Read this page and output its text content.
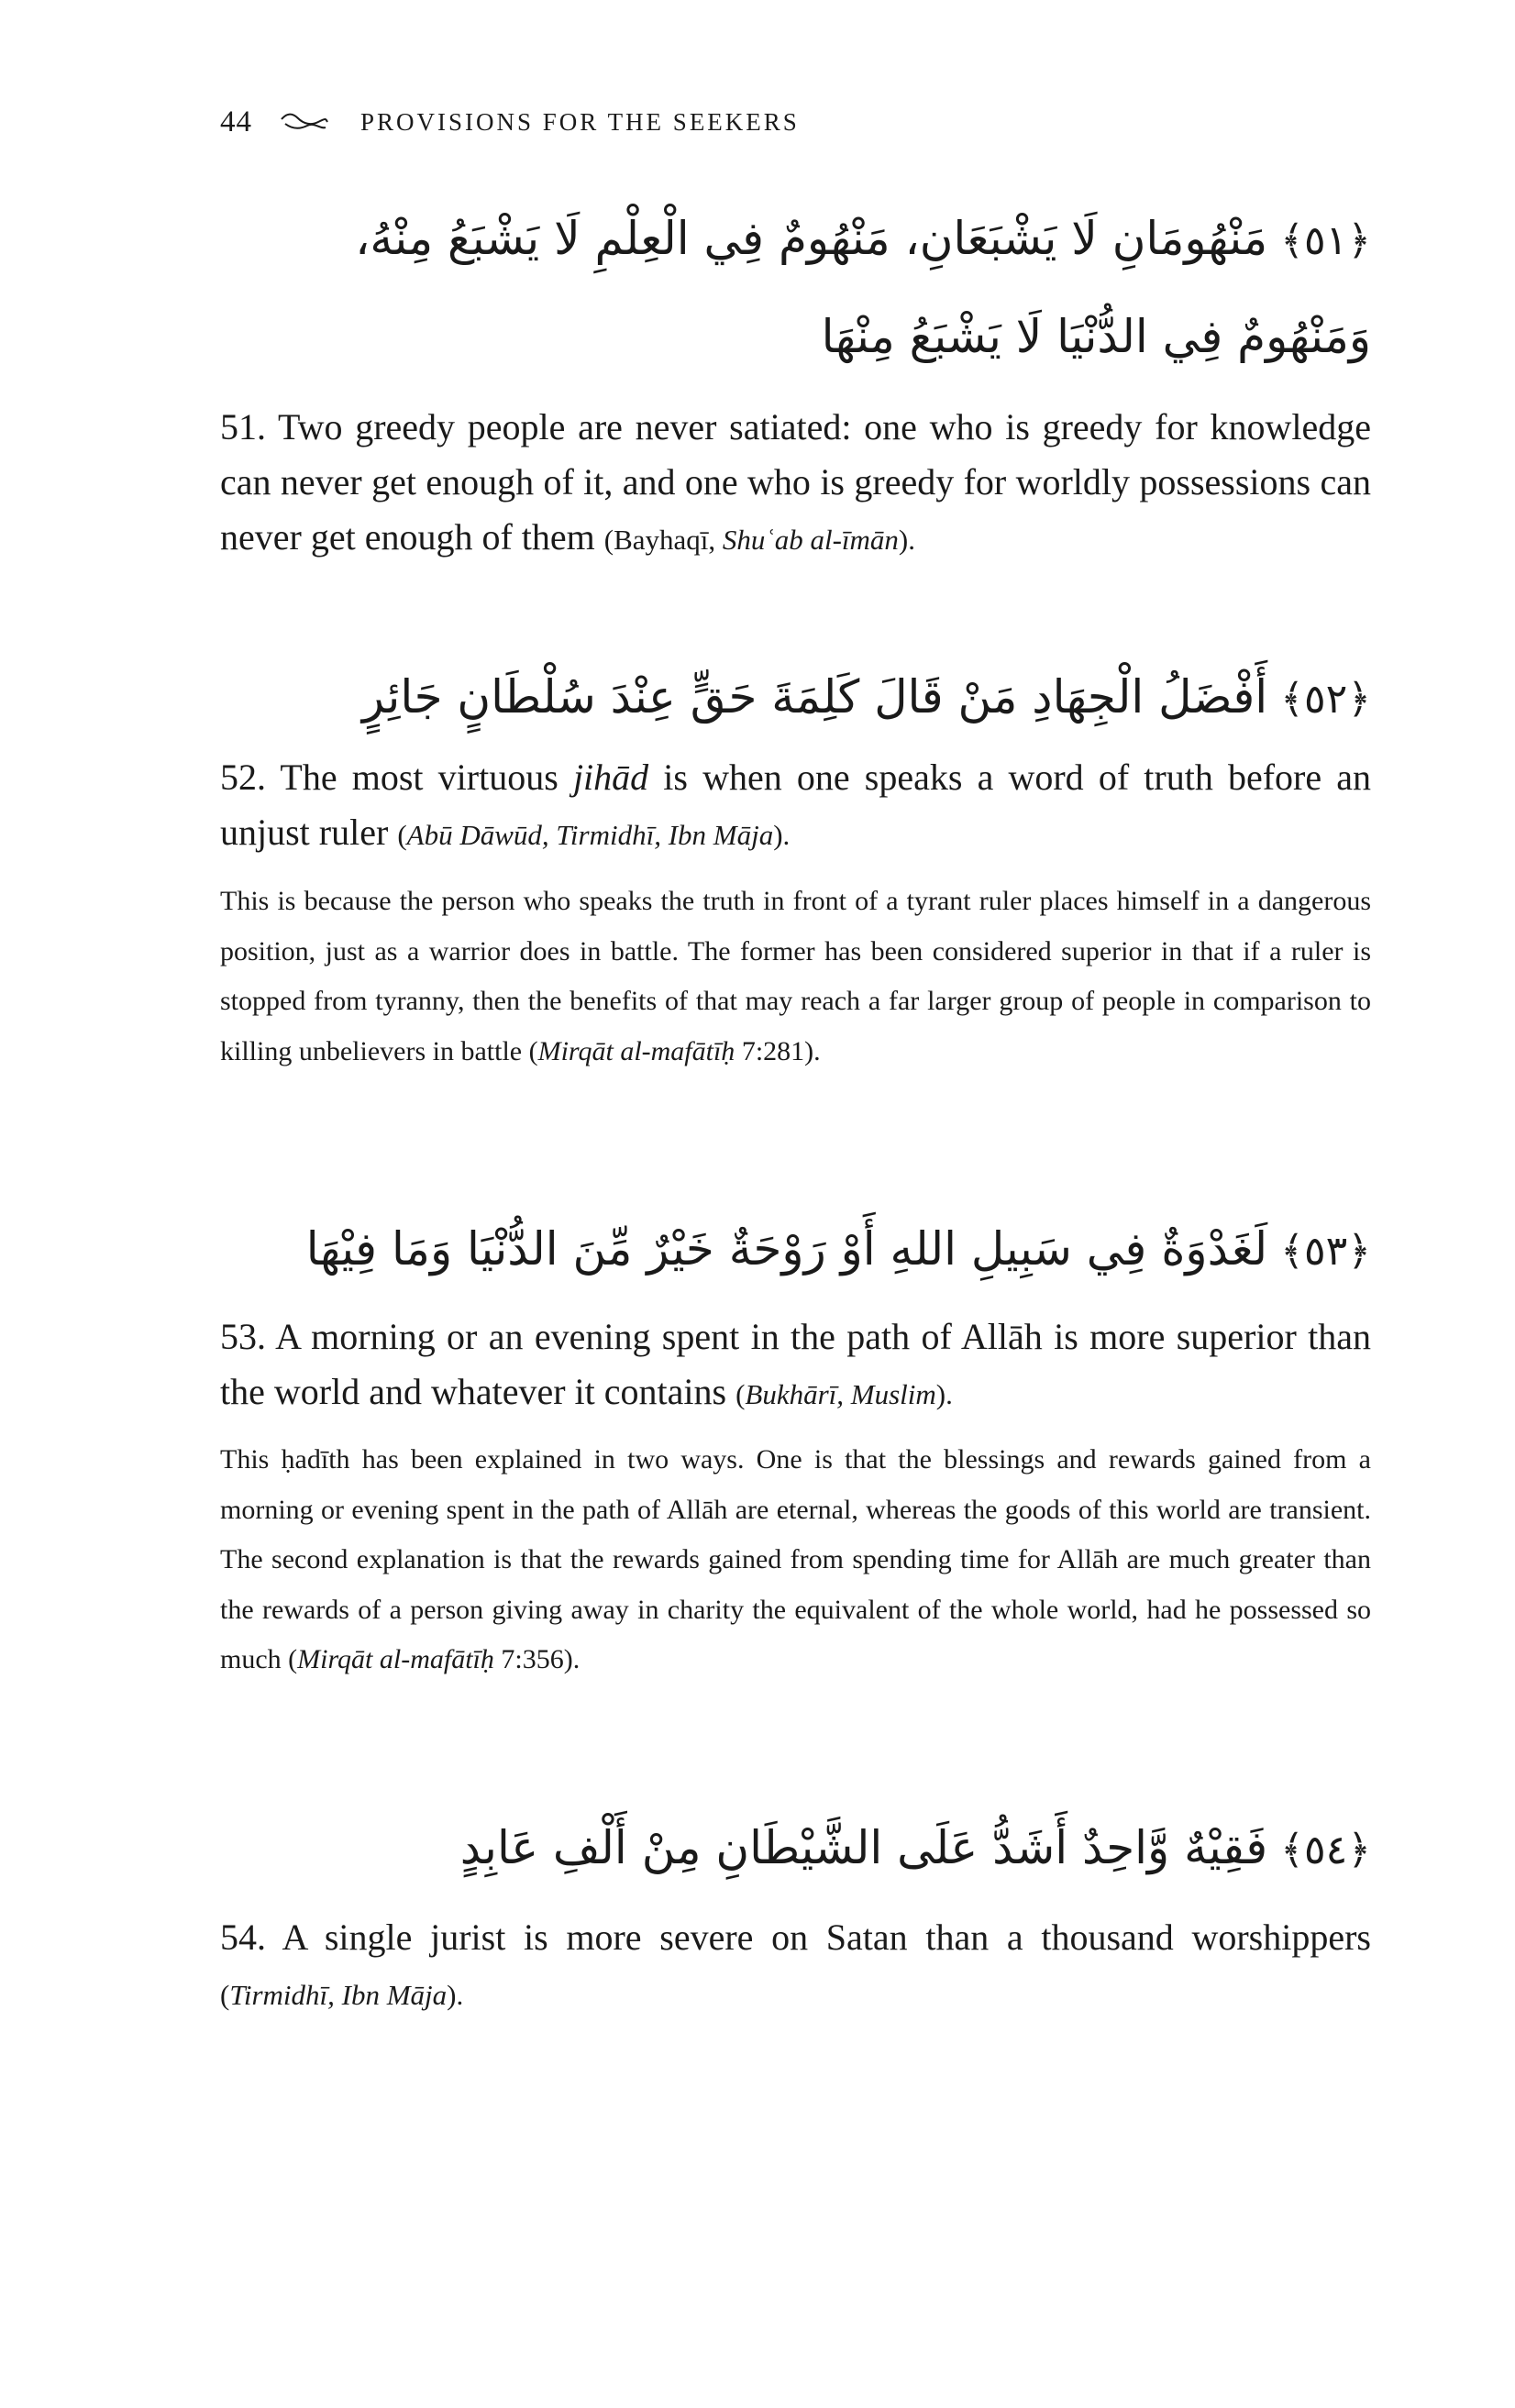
44	PROVISIONS FOR THE SEEKERS
﴿٥١﴾مَنْهُومَانِ لَا يَشْبَعَانِ، مَنْهُومٌ فِي الْعِلْمِ لَا يَشْبَعُ مِنْهُ، وَمَنْهُومٌ فِي الدُّنْيَا لَا يَشْبَعُ مِنْهَا
51. Two greedy people are never satiated: one who is greedy for knowledge can never get enough of it, and one who is greedy for worldly possessions can never get enough of them (Bayhaqī, Shuʿab al-īmān).
﴿٥٢﴾أَفْضَلُ الْجِهَادِ مَنْ قَالَ كَلِمَةَ حَقٍّ عِنْدَ سُلْطَانٍ جَائِرٍ
52. The most virtuous jihād is when one speaks a word of truth before an unjust ruler (Abū Dāwūd, Tirmidhī, Ibn Māja).
This is because the person who speaks the truth in front of a tyrant ruler places himself in a dangerous position, just as a warrior does in battle. The former has been considered superior in that if a ruler is stopped from tyranny, then the benefits of that may reach a far larger group of people in comparison to killing unbelievers in battle (Mirqāt al-mafātīḥ 7:281).
﴿٥٣﴾لَغَدْوَةٌ فِي سَبِيلِ اللهِ أَوْ رَوْحَةٌ خَيْرٌ مِّنَ الدُّنْيَا وَمَا فِيْهَا
53. A morning or an evening spent in the path of Allāh is more superior than the world and whatever it contains (Bukhārī, Muslim).
This ḥadīth has been explained in two ways. One is that the blessings and rewards gained from a morning or evening spent in the path of Allāh are eternal, whereas the goods of this world are transient. The second explanation is that the rewards gained from spending time for Allāh are much greater than the rewards of a person giving away in charity the equivalent of the whole world, had he possessed so much (Mirqāt al-mafātīḥ 7:356).
﴿٥٤﴾فَقِيْهٌ وَّاحِدٌ أَشَدُّ عَلَى الشَّيْطَانِ مِنْ أَلْفِ عَابِدٍ
54. A single jurist is more severe on Satan than a thousand worshippers (Tirmidhī, Ibn Māja).
